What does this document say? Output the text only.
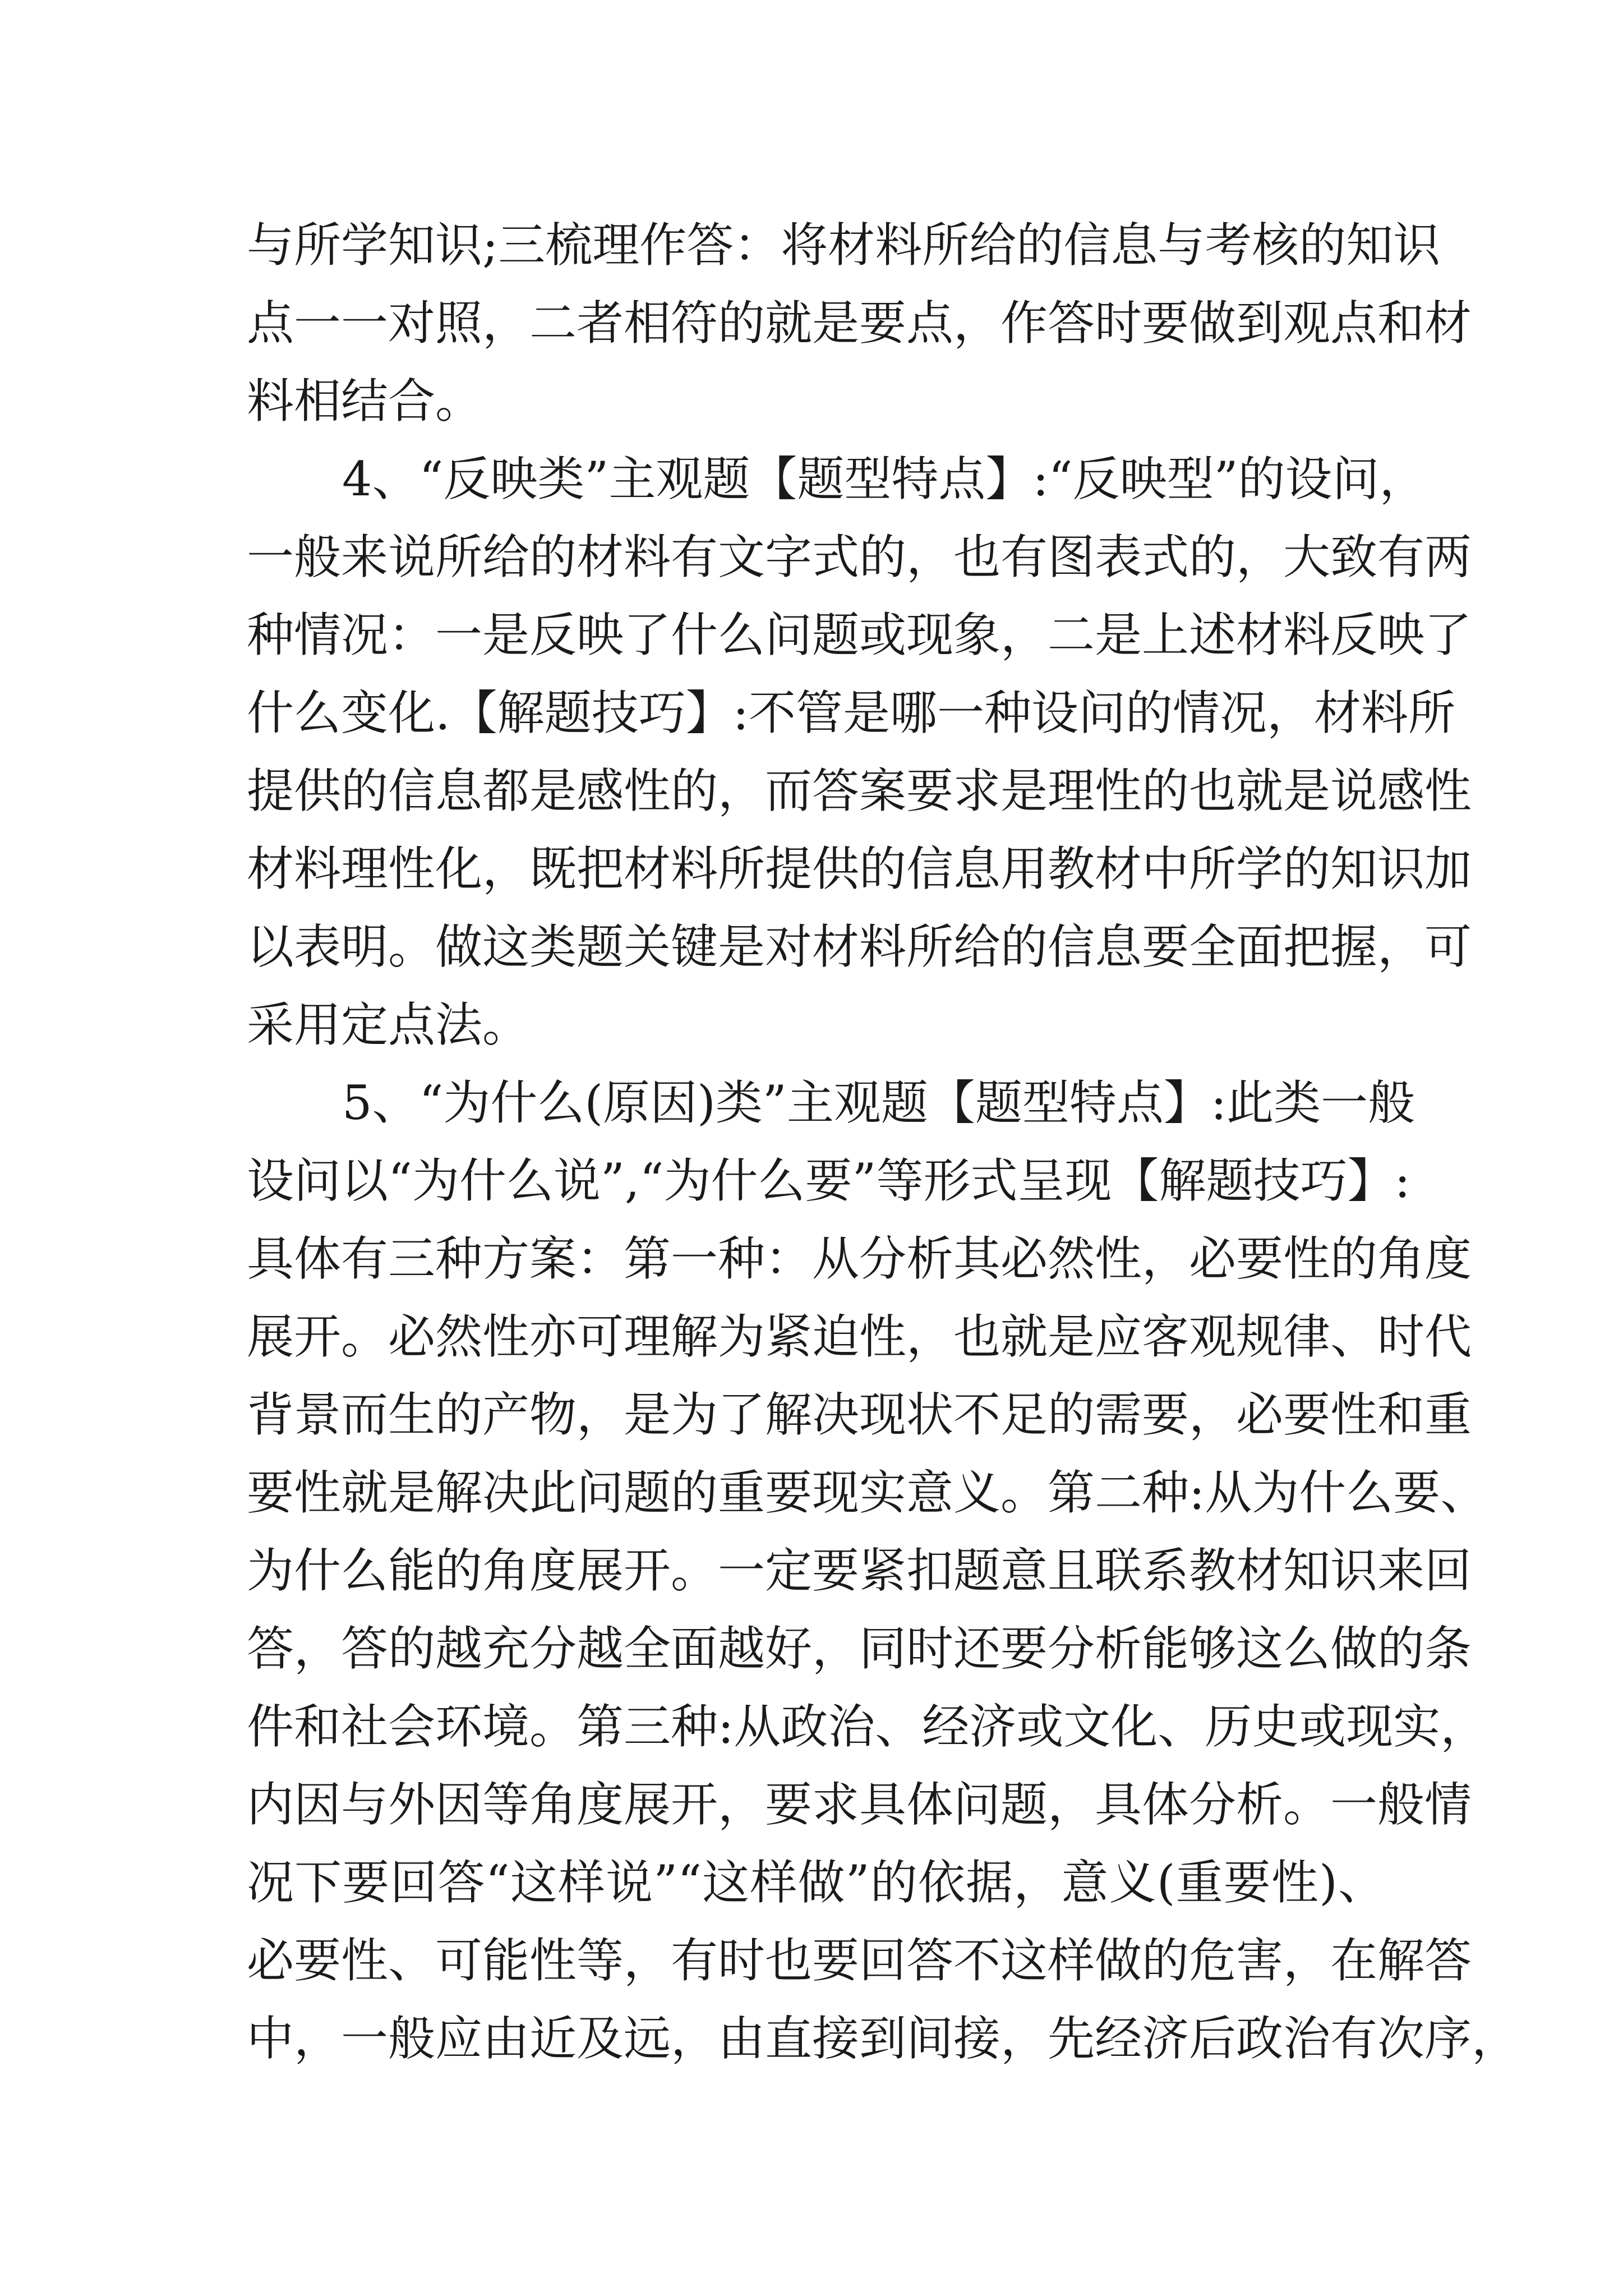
与所学知识;三梳理作答：将材料所给的信息与考核的知识
点一一对照，二者相符的就是要点，作答时要做到观点和材
料相结合。
4、“反映类”主观题【题型特点】:“反映型”的设问，
一般来说所给的材料有文字式的，也有图表式的，大致有两
种情况：一是反映了什么问题或现象，二是上述材料反映了
什么变化.【解题技巧】:不管是哪一种设问的情况，材料所
提供的信息都是感性的，而答案要求是理性的也就是说感性
材料理性化，既把材料所提供的信息用教材中所学的知识加
以表明。做这类题关键是对材料所给的信息要全面把握，可
采用定点法。
5、“为什么(原因)类”主观题【题型特点】:此类一般
设问以“为什么说”,“为什么要”等形式呈现【解题技巧】:
具体有三种方案：第一种：从分析其必然性，必要性的角度
展开。必然性亦可理解为紧迫性，也就是应客观规律、时代
背景而生的产物，是为了解决现状不足的需要，必要性和重
要性就是解决此问题的重要现实意义。第二种:从为什么要、
为什么能的角度展开。一定要紧扣题意且联系教材知识来回
答，答的越充分越全面越好，同时还要分析能够这么做的条
件和社会环境。第三种:从政治、经济或文化、历史或现实，
内因与外因等角度展开，要求具体问题，具体分析。一般情
况下要回答“这样说”“这样做”的依据，意义(重要性)、
必要性、可能性等，有时也要回答不这样做的危害，在解答
中，一般应由近及远，由直接到间接，先经济后政治有次序，
